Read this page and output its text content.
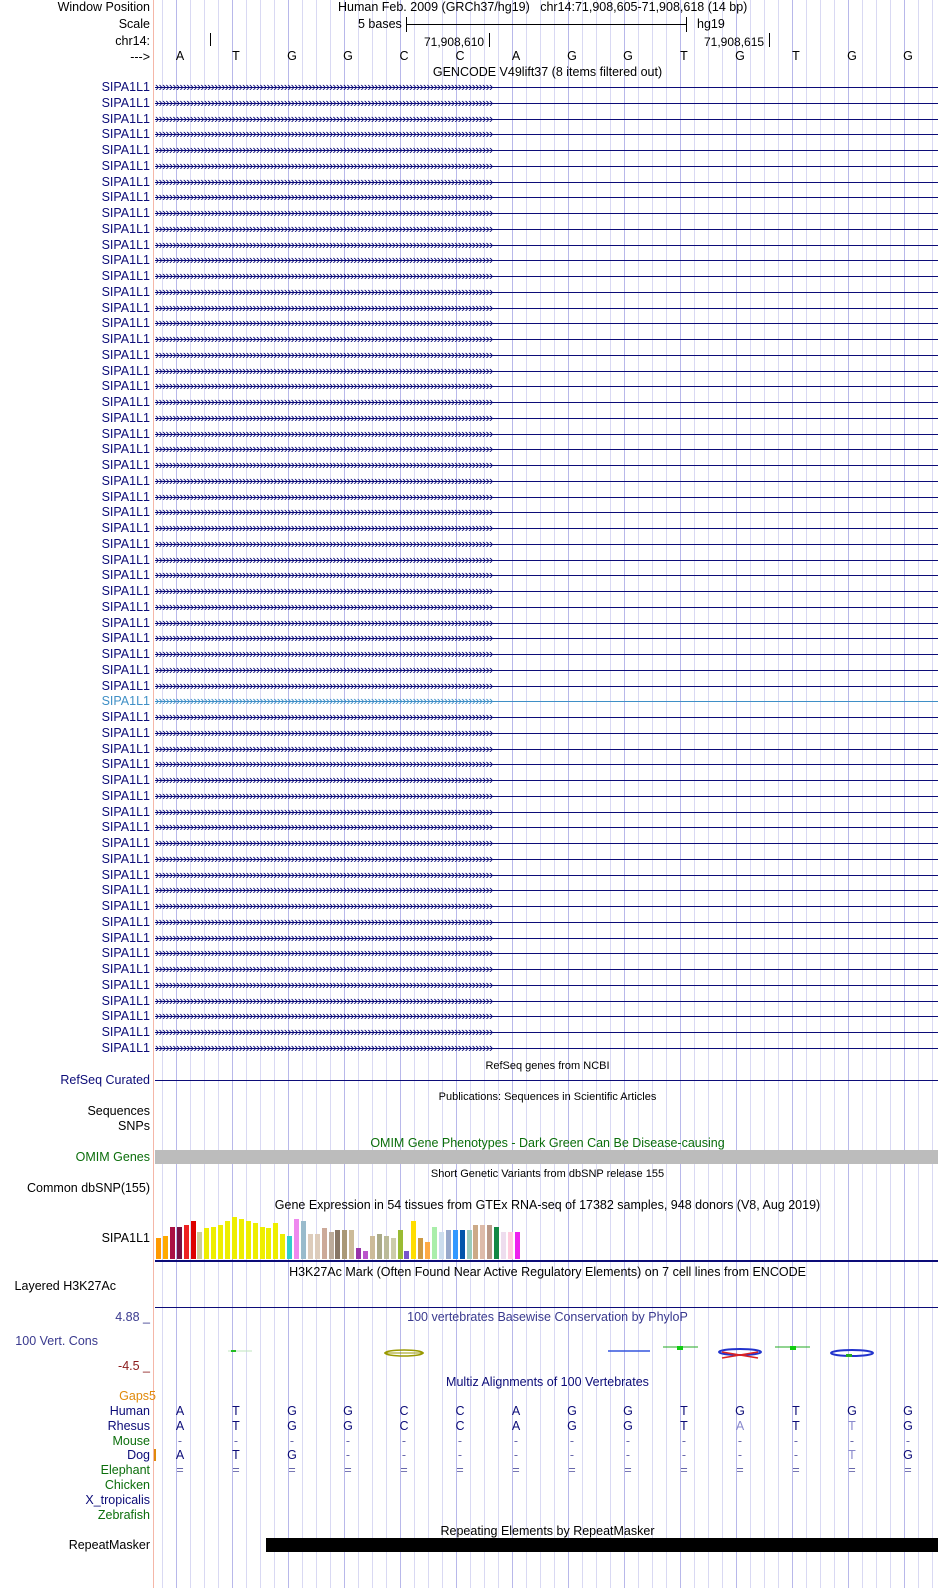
Window Position	Human Feb. 2009 (GRCh37/hg19) chr14:71,908,605-71,908,618 (14 bp)
Scale	5 bases	hg19
chr14:	71,908,610	71,908,615
---> A	T	G	G	C	C	A	G	G	T	G	T	G	G
GENCODE V49lift37 (8 items filtered out)
SIPA1L1 ›››››››››››››››››››››››››››››››››››››››››››››››››››››››››››››››››››››››››››››››››››››››››››››››››
SIPA1L1 ›››››››››››››››››››››››››››››››››››››››››››››››››››››››››››››››››››››››››››››››››››››››››››››››››
SIPA1L1 ›››››››››››››››››››››››››››››››››››››››››››››››››››››››››››››››››››››››››››››››››››››››››››››››››
SIPA1L1 ›››››››››››››››››››››››››››››››››››››››››››››››››››››››››››››››››››››››››››››››››››››››››››››››››
SIPA1L1 ›››››››››››››››››››››››››››››››››››››››››››››››››››››››››››››››››››››››››››››››››››››››››››››››››
SIPA1L1 ›››››››››››››››››››››››››››››››››››››››››››››››››››››››››››››››››››››››››››››››››››››››››››››››››
SIPA1L1 ›››››››››››››››››››››››››››››››››››››››››››››››››››››››››››››››››››››››››››››››››››››››››››››››››
SIPA1L1 ›››››››››››››››››››››››››››››››››››››››››››››››››››››››››››››››››››››››››››››››››››››››››››››››››
SIPA1L1 ›››››››››››››››››››››››››››››››››››››››››››››››››››››››››››››››››››››››››››››››››››››››››››››››››
SIPA1L1 ›››››››››››››››››››››››››››››››››››››››››››››››››››››››››››››››››››››››››››››››››››››››››››››››››
SIPA1L1 ›››››››››››››››››››››››››››››››››››››››››››››››››››››››››››››››››››››››››››››››››››››››››››››››››
SIPA1L1 ›››››››››››››››››››››››››››››››››››››››››››››››››››››››››››››››››››››››››››››››››››››››››››››››››
SIPA1L1 ›››››››››››››››››››››››››››››››››››››››››››››››››››››››››››››››››››››››››››››››››››››››››››››››››
SIPA1L1 ›››››››››››››››››››››››››››››››››››››››››››››››››››››››››››››››››››››››››››››››››››››››››››››››››
SIPA1L1 ›››››››››››››››››››››››››››››››››››››››››››››››››››››››››››››››››››››››››››››››››››››››››››››››››
SIPA1L1 ›››››››››››››››››››››››››››››››››››››››››››››››››››››››››››››››››››››››››››››››››››››››››››››››››
SIPA1L1 ›››››››››››››››››››››››››››››››››››››››››››››››››››››››››››››››››››››››››››››››››››››››››››››››››
SIPA1L1 ›››››››››››››››››››››››››››››››››››››››››››››››››››››››››››››››››››››››››››››››››››››››››››››››››
SIPA1L1 ›››››››››››››››››››››››››››››››››››››››››››››››››››››››››››››››››››››››››››››››››››››››››››››››››
SIPA1L1 ›››››››››››››››››››››››››››››››››››››››››››››››››››››››››››››››››››››››››››››››››››››››››››››››››
SIPA1L1 ›››››››››››››››››››››››››››››››››››››››››››››››››››››››››››››››››››››››››››››››››››››››››››››››››
SIPA1L1 ›››››››››››››››››››››››››››››››››››››››››››››››››››››››››››››››››››››››››››››››››››››››››››››››››
SIPA1L1 ›››››››››››››››››››››››››››››››››››››››››››››››››››››››››››››››››››››››››››››››››››››››››››››››››
SIPA1L1 ›››››››››››››››››››››››››››››››››››››››››››››››››››››››››››››››››››››››››››››››››››››››››››››››››
SIPA1L1 ›››››››››››››››››››››››››››››››››››››››››››››››››››››››››››››››››››››››››››››››››››››››››››››››››
SIPA1L1 ›››››››››››››››››››››››››››››››››››››››››››››››››››››››››››››››››››››››››››››››››››››››››››››››››
SIPA1L1 ›››››››››››››››››››››››››››››››››››››››››››››››››››››››››››››››››››››››››››››››››››››››››››››››››
SIPA1L1 ›››››››››››››››››››››››››››››››››››››››››››››››››››››››››››››››››››››››››››››››››››››››››››››››››
SIPA1L1 ›››››››››››››››››››››››››››››››››››››››››››››››››››››››››››››››››››››››››››››››››››››››››››››››››
SIPA1L1 ›››››››››››››››››››››››››››››››››››››››››››››››››››››››››››››››››››››››››››››››››››››››››››››››››
SIPA1L1 ›››››››››››››››››››››››››››››››››››››››››››››››››››››››››››››››››››››››››››››››››››››››››››››››››
SIPA1L1 ›››››››››››››››››››››››››››››››››››››››››››››››››››››››››››››››››››››››››››››››››››››››››››››››››
SIPA1L1 ›››››››››››››››››››››››››››››››››››››››››››››››››››››››››››››››››››››››››››››››››››››››››››››››››
SIPA1L1 ›››››››››››››››››››››››››››››››››››››››››››››››››››››››››››››››››››››››››››››››››››››››››››››››››
SIPA1L1 ›››››››››››››››››››››››››››››››››››››››››››››››››››››››››››››››››››››››››››››››››››››››››››››››››
SIPA1L1 ›››››››››››››››››››››››››››››››››››››››››››››››››››››››››››››››››››››››››››››››››››››››››››››››››
SIPA1L1 ›››››››››››››››››››››››››››››››››››››››››››››››››››››››››››››››››››››››››››››››››››››››››››››››››
SIPA1L1 ›››››››››››››››››››››››››››››››››››››››››››››››››››››››››››››››››››››››››››››››››››››››››››››››››
SIPA1L1 ›››››››››››››››››››››››››››››››››››››››››››››››››››››››››››››››››››››››››››››››››››››››››››››››››
SIPA1L1 ›››››››››››››››››››››››››››››››››››››››››››››››››››››››››››››››››››››››››››››››››››››››››››››››››
SIPA1L1 ›››››››››››››››››››››››››››››››››››››››››››››››››››››››››››››››››››››››››››››››››››››››››››››››››
SIPA1L1 ›››››››››››››››››››››››››››››››››››››››››››››››››››››››››››››››››››››››››››››››››››››››››››››››››
SIPA1L1 ›››››››››››››››››››››››››››››››››››››››››››››››››››››››››››››››››››››››››››››››››››››››››››››››››
SIPA1L1 ›››››››››››››››››››››››››››››››››››››››››››››››››››››››››››››››››››››››››››››››››››››››››››››››››
SIPA1L1 ›››››››››››››››››››››››››››››››››››››››››››››››››››››››››››››››››››››››››››››››››››››››››››››››››
SIPA1L1 ›››››››››››››››››››››››››››››››››››››››››››››››››››››››››››››››››››››››››››››››››››››››››››››››››
SIPA1L1 ›››››››››››››››››››››››››››››››››››››››››››››››››››››››››››››››››››››››››››››››››››››››››››››››››
SIPA1L1 ›››››››››››››››››››››››››››››››››››››››››››››››››››››››››››››››››››››››››››››››››››››››››››››››››
SIPA1L1 ›››››››››››››››››››››››››››››››››››››››››››››››››››››››››››››››››››››››››››››››››››››››››››››››››
SIPA1L1 ›››››››››››››››››››››››››››››››››››››››››››››››››››››››››››››››››››››››››››››››››››››››››››››››››
SIPA1L1 ›››››››››››››››››››››››››››››››››››››››››››››››››››››››››››››››››››››››››››››››››››››››››››››››››
SIPA1L1 ›››››››››››››››››››››››››››››››››››››››››››››››››››››››››››››››››››››››››››››››››››››››››››››››››
SIPA1L1 ›››››››››››››››››››››››››››››››››››››››››››››››››››››››››››››››››››››››››››››››››››››››››››››››››
SIPA1L1 ›››››››››››››››››››››››››››››››››››››››››››››››››››››››››››››››››››››››››››››››››››››››››››››››››
SIPA1L1 ›››››››››››››››››››››››››››››››››››››››››››››››››››››››››››››››››››››››››››››››››››››››››››››››››
SIPA1L1 ›››››››››››››››››››››››››››››››››››››››››››››››››››››››››››››››››››››››››››››››››››››››››››››››››
SIPA1L1 ›››››››››››››››››››››››››››››››››››››››››››››››››››››››››››››››››››››››››››››››››››››››››››››››››
SIPA1L1 ›››››››››››››››››››››››››››››››››››››››››››››››››››››››››››››››››››››››››››››››››››››››››››››››››
SIPA1L1 ›››››››››››››››››››››››››››››››››››››››››››››››››››››››››››››››››››››››››››››››››››››››››››››››››
SIPA1L1 ›››››››››››››››››››››››››››››››››››››››››››››››››››››››››››››››››››››››››››››››››››››››››››››››››
SIPA1L1 ›››››››››››››››››››››››››››››››››››››››››››››››››››››››››››››››››››››››››››››››››››››››››››››››››
SIPA1L1 ›››››››››››››››››››››››››››››››››››››››››››››››››››››››››››››››››››››››››››››››››››››››››››››››››
RefSeq genes from NCBI
RefSeq Curated
Publications: Sequences in Scientific Articles
Sequences
SNPs
OMIM Gene Phenotypes - Dark Green Can Be Disease-causing
OMIM Genes
Short Genetic Variants from dbSNP release 155
Common dbSNP(155)
Gene Expression in 54 tissues from GTEx RNA-seq of 17382 samples, 948 donors (V8, Aug 2019)
SIPA1L1
H3K27Ac Mark (Often Found Near Active Regulatory Elements) on 7 cell lines from ENCODE
Layered H3K27Ac
100 vertebrates Basewise Conservation by PhyloP
4.88 _
100 Vert. Cons
-4.5 _
Multiz Alignments of 100 Vertebrates
Gaps5
Human A	T	G	G	C	C	A	G	G	T	G	T	G	G
Rhesus A	T	G	G	C	C	A	G	G	T	A	T	T	G
Mouse	-	-	-	-	-	-	-	-	-	-	-	-	-	-
Dog A	T	G	-	-	-	-	-	-	-	-	-	T	G
Elephant =	=	=	=	=	=	=	=	=	=	=	=	=	=
Chicken
X_tropicalis
Zebrafish
Repeating Elements by RepeatMasker
RepeatMasker
